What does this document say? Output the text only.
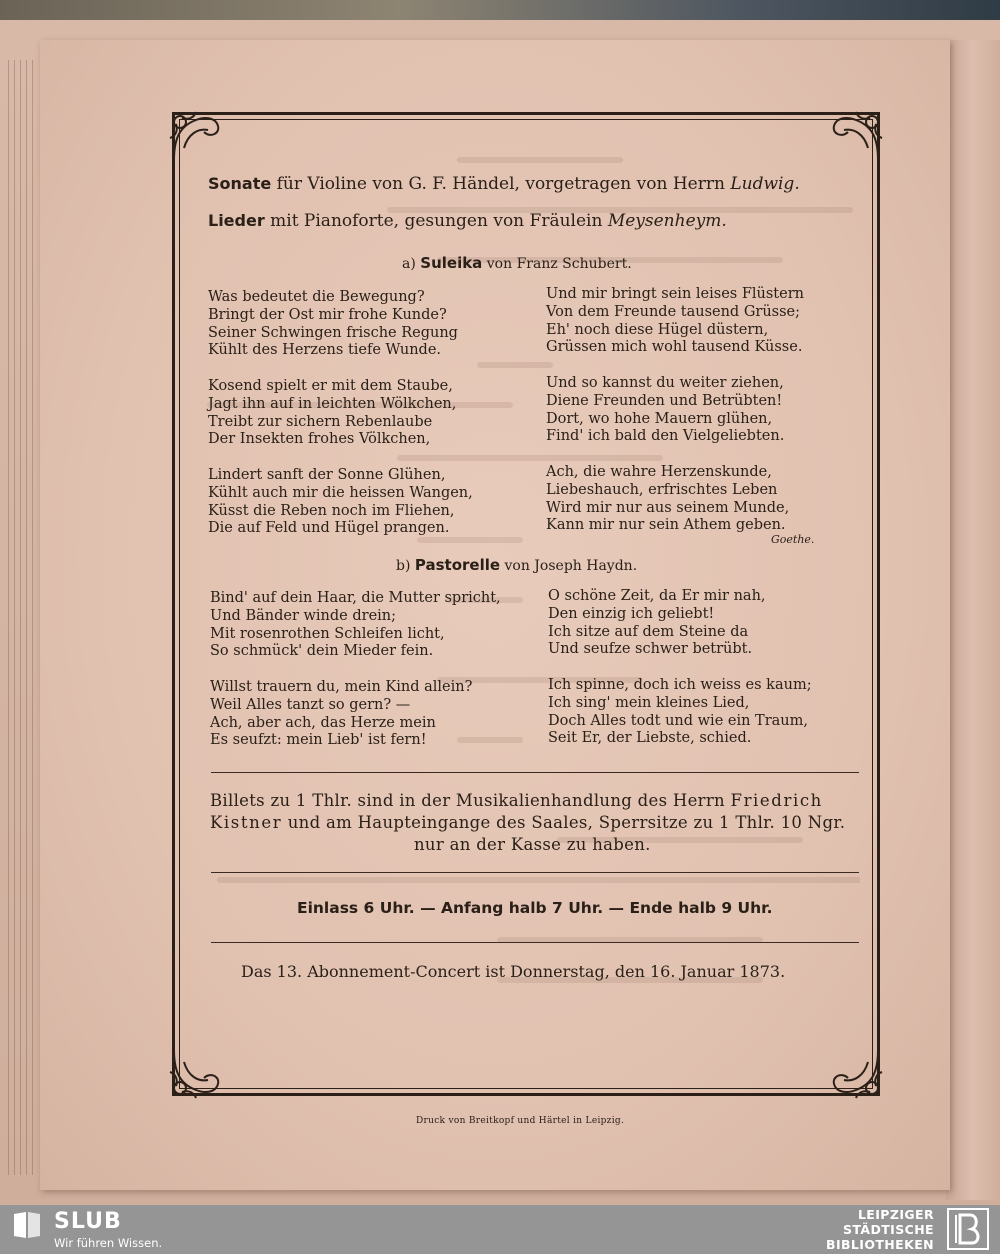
Sonate für Violine von G. F. Händel, vorgetragen von Herrn Ludwig.
Lieder mit Pianoforte, gesungen von Fräulein Meysenheym.
a) Suleika von Franz Schubert.
Was bedeutet die Bewegung?
Bringt der Ost mir frohe Kunde?
Seiner Schwingen frische Regung
Kühlt des Herzens tiefe Wunde.
Kosend spielt er mit dem Staube,
Jagt ihn auf in leichten Wölkchen,
Treibt zur sichern Rebenlaube
Der Insekten frohes Völkchen,
Lindert sanft der Sonne Glühen,
Kühlt auch mir die heissen Wangen,
Küsst die Reben noch im Fliehen,
Die auf Feld und Hügel prangen.
Und mir bringt sein leises Flüstern
Von dem Freunde tausend Grüsse;
Eh' noch diese Hügel düstern,
Grüssen mich wohl tausend Küsse.
Und so kannst du weiter ziehen,
Diene Freunden und Betrübten!
Dort, wo hohe Mauern glühen,
Find' ich bald den Vielgeliebten.
Ach, die wahre Herzenskunde,
Liebeshauch, erfrischtes Leben
Wird mir nur aus seinem Munde,
Kann mir nur sein Athem geben.
Goethe.
b) Pastorelle von Joseph Haydn.
Bind' auf dein Haar, die Mutter spricht,
Und Bänder winde drein;
Mit rosenrothen Schleifen licht,
So schmück' dein Mieder fein.
Willst trauern du, mein Kind allein?
Weil Alles tanzt so gern? —
Ach, aber ach, das Herze mein
Es seufzt: mein Lieb' ist fern!
O schöne Zeit, da Er mir nah,
Den einzig ich geliebt!
Ich sitze auf dem Steine da
Und seufze schwer betrübt.
Ich spinne, doch ich weiss es kaum;
Ich sing' mein kleines Lied,
Doch Alles todt und wie ein Traum,
Seit Er, der Liebste, schied.
Billets zu 1 Thlr. sind in der Musikalienhandlung des Herrn Friedrich
Kistner und am Haupteingange des Saales, Sperrsitze zu 1 Thlr. 10 Ngr.
nur an der Kasse zu haben.
Einlass 6 Uhr. — Anfang halb 7 Uhr. — Ende halb 9 Uhr.
Das 13. Abonnement-Concert ist Donnerstag, den 16. Januar 1873.
Druck von Breitkopf und Härtel in Leipzig.
SLUB
Wir führen Wissen.
LEIPZIGER
STÄDTISCHE
BIBLIOTHEKEN
